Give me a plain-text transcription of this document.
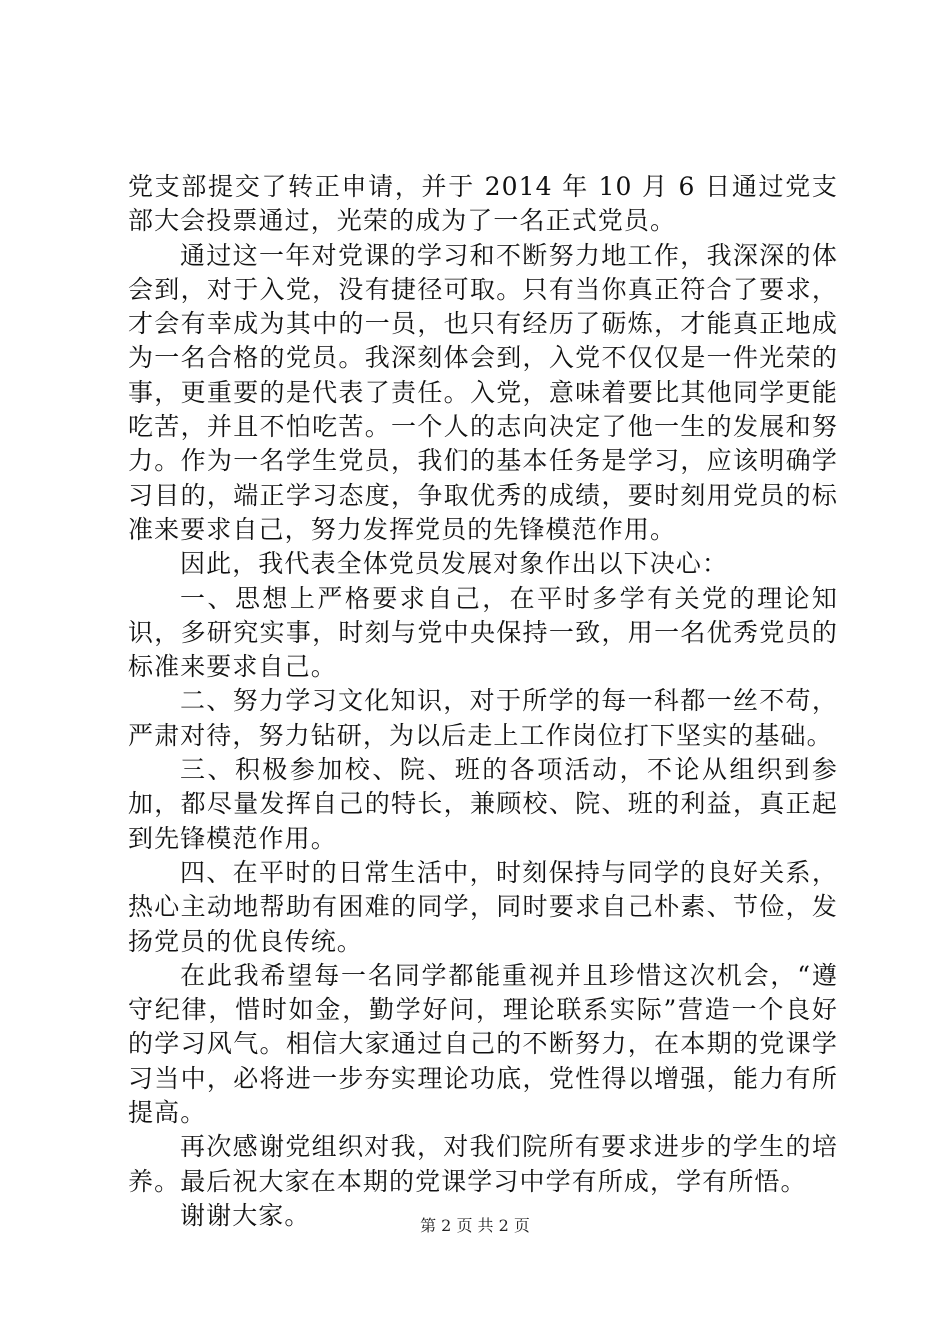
党支部提交了转正申请，并于 2014 年 10 月 6 日通过党支部大会投票通过，光荣的成为了一名正式党员。

通过这一年对党课的学习和不断努力地工作，我深深的体会到，对于入党，没有捷径可取。只有当你真正符合了要求，才会有幸成为其中的一员，也只有经历了砺炼，才能真正地成为一名合格的党员。我深刻体会到，入党不仅仅是一件光荣的事，更重要的是代表了责任。入党，意味着要比其他同学更能吃苦，并且不怕吃苦。一个人的志向决定了他一生的发展和努力。作为一名学生党员，我们的基本任务是学习，应该明确学习目的，端正学习态度，争取优秀的成绩，要时刻用党员的标准来要求自己，努力发挥党员的先锋模范作用。

因此，我代表全体党员发展对象作出以下决心：

一、思想上严格要求自己，在平时多学有关党的理论知识，多研究实事，时刻与党中央保持一致，用一名优秀党员的标准来要求自己。

二、努力学习文化知识，对于所学的每一科都一丝不苟，严肃对待，努力钻研，为以后走上工作岗位打下坚实的基础。

三、积极参加校、院、班的各项活动，不论从组织到参加，都尽量发挥自己的特长，兼顾校、院、班的利益，真正起到先锋模范作用。

四、在平时的日常生活中，时刻保持与同学的良好关系，热心主动地帮助有困难的同学，同时要求自己朴素、节俭，发扬党员的优良传统。

在此我希望每一名同学都能重视并且珍惜这次机会，“遵守纪律，惜时如金，勤学好问，理论联系实际”营造一个良好的学习风气。相信大家通过自己的不断努力，在本期的党课学习当中，必将进一步夯实理论功底，党性得以增强，能力有所提高。

再次感谢党组织对我，对我们院所有要求进步的学生的培养。最后祝大家在本期的党课学习中学有所成，学有所悟。

谢谢大家。	第 2 页 共 2 页
